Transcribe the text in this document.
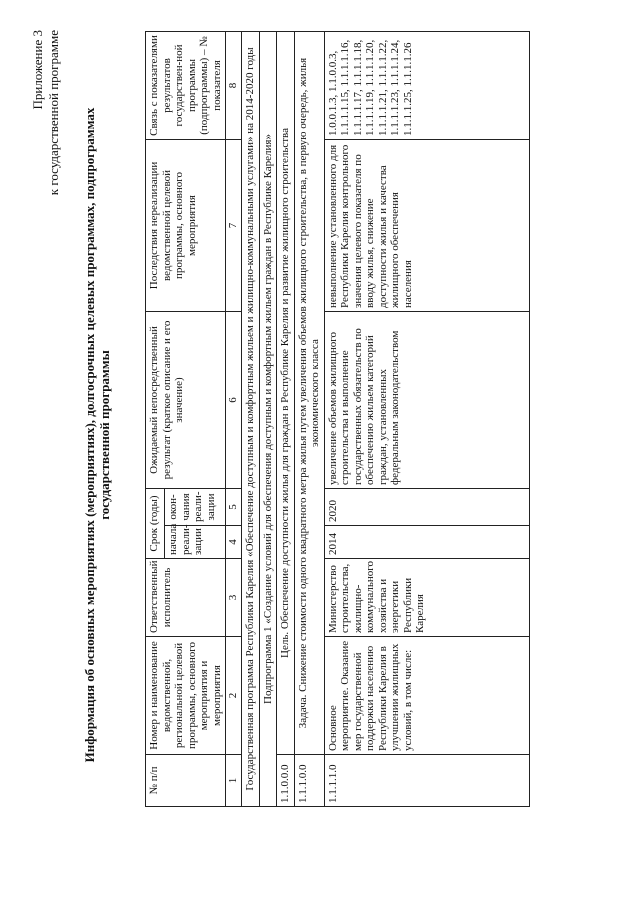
Приложение 3 к государственной программе Информация об основных мероприятиях (мероприятиях), долгосрочных целевых программах, подпрограммах государственной программы
№ п/п	Номер и наименование ведомственной, региональной целевой программы, основного мероприятия и мероприятия	Ответственный исполнитель	Срок (годы)		Ожидаемый непосредственный результат (краткое описание и его значение)	Последствия нереализации ведомственной целевой программы, основного мероприятия	Связь с показателями результатов государствен-ной программы (подпрограммы) – № показателя
			начала реали-зации	окон-чания реали-зации			
1	2	3	4	5	6	7	8
Государственная программа Республики Карелия «Обеспечение доступным и комфортным жильем и жилищно-коммунальными услугами» на 2014-2020 годы							
Подпрограмма 1 «Создание условий для обеспечения доступным и комфортным жильем граждан в Республике Карелия»							
1.1.0.0.0	Цель. Обеспечение доступности жилья для граждан в Республике Карелия и развитие жилищного строительства						
1.1.1.0.0	Задача. Снижение стоимости одного квадратного метра жилья путем увеличения объемов жилищного строительства, в первую очередь, жилья экономического класса						
1.1.1.1.0	Основное мероприятие. Оказание мер государственной поддержки населению Республики Карелия в улучшении жилищных условий, в том числе:	Министерство строительства, жилищно-коммунального хозяйства и энергетики Республики Карелия	2014	2020	увеличение объемов жилищного строительства и выполнение государственных обязательств по обеспечению жильем категорий граждан, установленных федеральным законодательством	невыполнение установленного для Республики Карелия контрольного значения целевого показателя по вводу жилья, снижение доступности жилья и качества жилищного обеспечения населения	1.0.0.1.3, 1.1.0.0.3, 1.1.1.1.15, 1.1.1.1.16, 1.1.1.1.17, 1.1.1.1.18, 1.1.1.1.19, 1.1.1.1.20, 1.1.1.1.21, 1.1.1.1.22, 1.1.1.1.23, 1.1.1.1.24, 1.1.1.1.25, 1.1.1.1.26
